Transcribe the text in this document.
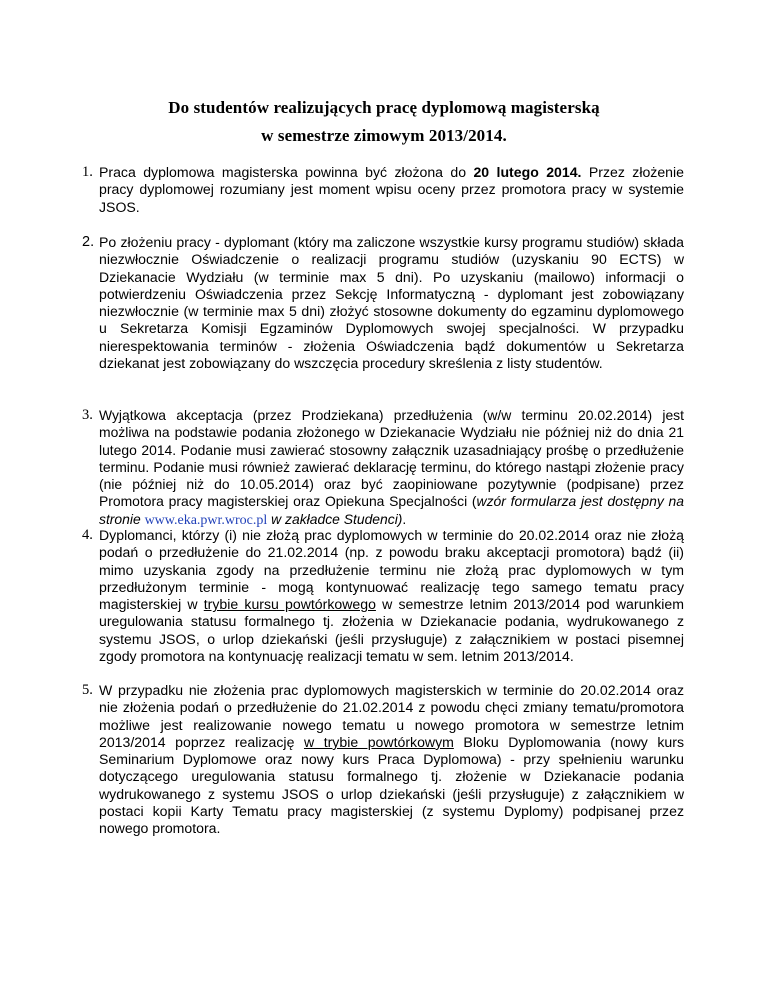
Do studentów realizujących pracę dyplomową magisterską
w semestrze zimowym 2013/2014.
1. Praca dyplomowa magisterska powinna być złożona do 20 lutego 2014. Przez złożenie pracy dyplomowej rozumiany jest moment wpisu oceny przez promotora pracy w systemie JSOS.
2. Po złożeniu pracy - dyplomant (który ma zaliczone wszystkie kursy programu studiów) składa niezwłocznie Oświadczenie o realizacji programu studiów (uzyskaniu 90 ECTS) w Dziekanacie Wydziału (w terminie max 5 dni). Po uzyskaniu (mailowo) informacji o potwierdzeniu Oświadczenia przez Sekcję Informatyczną - dyplomant jest zobowiązany niezwłocznie (w terminie max 5 dni) złożyć stosowne dokumenty do egzaminu dyplomowego u Sekretarza Komisji Egzaminów Dyplomowych swojej specjalności. W przypadku nierespektowania terminów - złożenia Oświadczenia bądź dokumentów u Sekretarza dziekanat jest zobowiązany do wszczęcia procedury skreślenia z listy studentów.
3. Wyjątkowa akceptacja (przez Prodziekana) przedłużenia (w/w terminu 20.02.2014) jest możliwa na podstawie podania złożonego w Dziekanacie Wydziału nie później niż do dnia 21 lutego 2014. Podanie musi zawierać stosowny załącznik uzasadniający prośbę o przedłużenie terminu. Podanie musi również zawierać deklarację terminu, do którego nastąpi złożenie pracy (nie później niż do 10.05.2014) oraz być zaopiniowane pozytywnie (podpisane) przez Promotora pracy magisterskiej oraz Opiekuna Specjalności (wzór formularza jest dostępny na stronie www.eka.pwr.wroc.pl w zakładce Studenci).
4. Dyplomanci, którzy (i) nie złożą prac dyplomowych w terminie do 20.02.2014 oraz nie złożą podań o przedłużenie do 21.02.2014 (np. z powodu braku akceptacji promotora) bądź (ii) mimo uzyskania zgody na przedłużenie terminu nie złożą prac dyplomowych w tym przedłużonym terminie - mogą kontynuować realizację tego samego tematu pracy magisterskiej w trybie kursu powtórkowego w semestrze letnim 2013/2014 pod warunkiem uregulowania statusu formalnego tj. złożenia w Dziekanacie podania, wydrukowanego z systemu JSOS, o urlop dziekański (jeśli przysługuje) z załącznikiem w postaci pisemnej zgody promotora na kontynuację realizacji tematu w sem. letnim 2013/2014.
5. W przypadku nie złożenia prac dyplomowych magisterskich w terminie do 20.02.2014 oraz nie złożenia podań o przedłużenie do 21.02.2014 z powodu chęci zmiany tematu/promotora możliwe jest realizowanie nowego tematu u nowego promotora w semestrze letnim 2013/2014 poprzez realizację w trybie powtórkowym Bloku Dyplomowania (nowy kurs Seminarium Dyplomowe oraz nowy kurs Praca Dyplomowa) - przy spełnieniu warunku dotyczącego uregulowania statusu formalnego tj. złożenie w Dziekanacie podania wydrukowanego z systemu JSOS o urlop dziekański (jeśli przysługuje) z załącznikiem w postaci kopii Karty Tematu pracy magisterskiej (z systemu Dyplomy) podpisanej przez nowego promotora.
